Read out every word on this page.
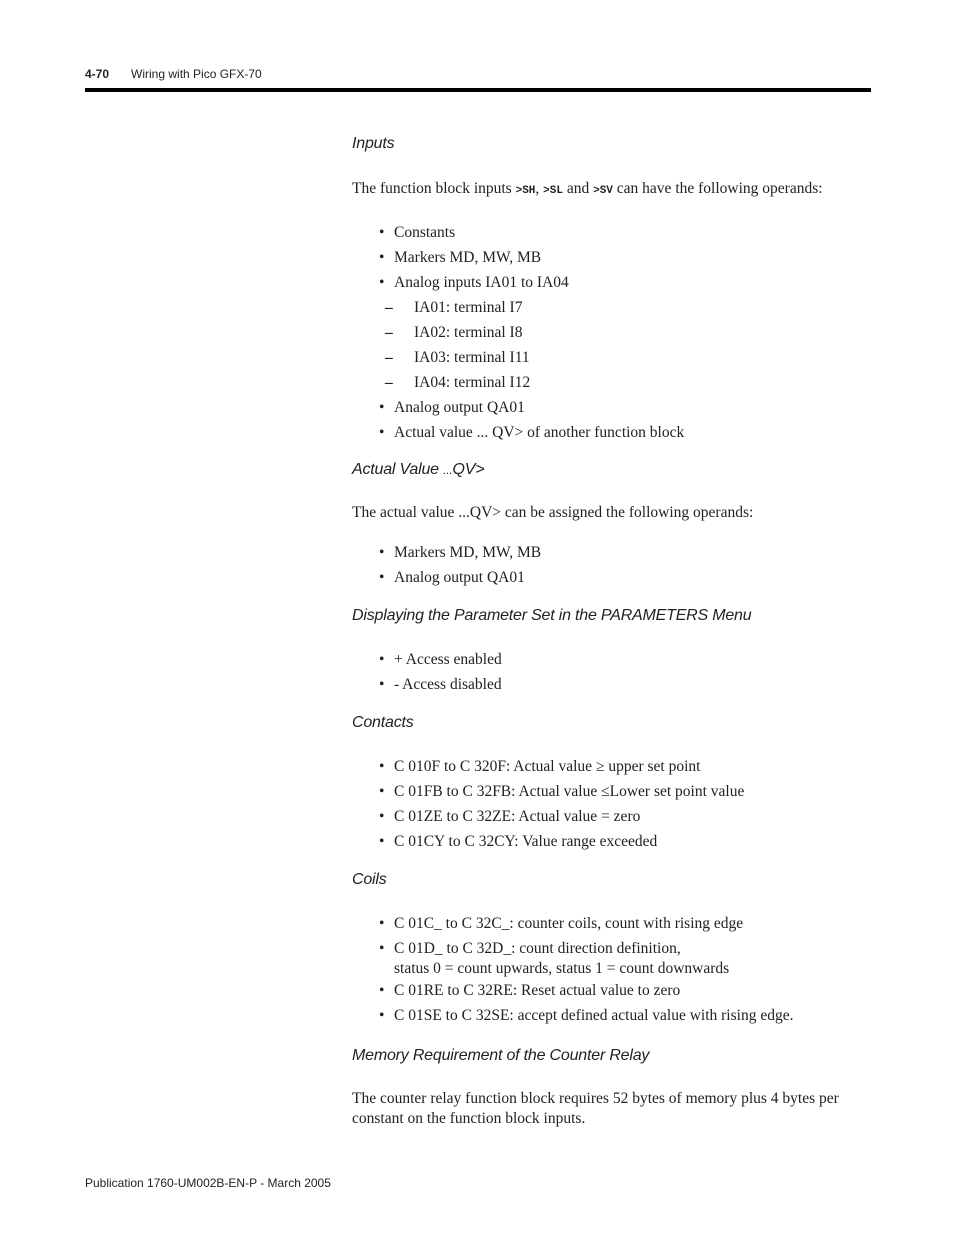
4-70 Wiring with Pico GFX-70
Inputs

The function block inputs >SH, >SL and >SV can have the following operands:

• Constants
• Markers MD, MW, MB
• Analog inputs IA01 to IA04
– IA01: terminal I7
– IA02: terminal I8
– IA03: terminal I11
– IA04: terminal I12
• Analog output QA01
• Actual value ... QV> of another function block
Actual Value ...QV>

The actual value ...QV> can be assigned the following operands:

• Markers MD, MW, MB
• Analog output QA01
Displaying the Parameter Set in the PARAMETERS Menu
• + Access enabled
• - Access disabled
Contacts
• C 010F to C 320F: Actual value ≥ upper set point
• C 01FB to C 32FB: Actual value ≤Lower set point value
• C 01ZE to C 32ZE: Actual value = zero
• C 01CY to C 32CY: Value range exceeded
Coils
• C 01C_ to C 32C_: counter coils, count with rising edge
• C 01D_ to C 32D_: count direction definition,
status 0 = count upwards, status 1 = count downwards
• C 01RE to C 32RE: Reset actual value to zero
• C 01SE to C 32SE: accept defined actual value with rising edge.
Memory Requirement of the Counter Relay

The counter relay function block requires 52 bytes of memory plus 4 bytes per constant on the function block inputs.

Publication 1760-UM002B-EN-P - March 2005
